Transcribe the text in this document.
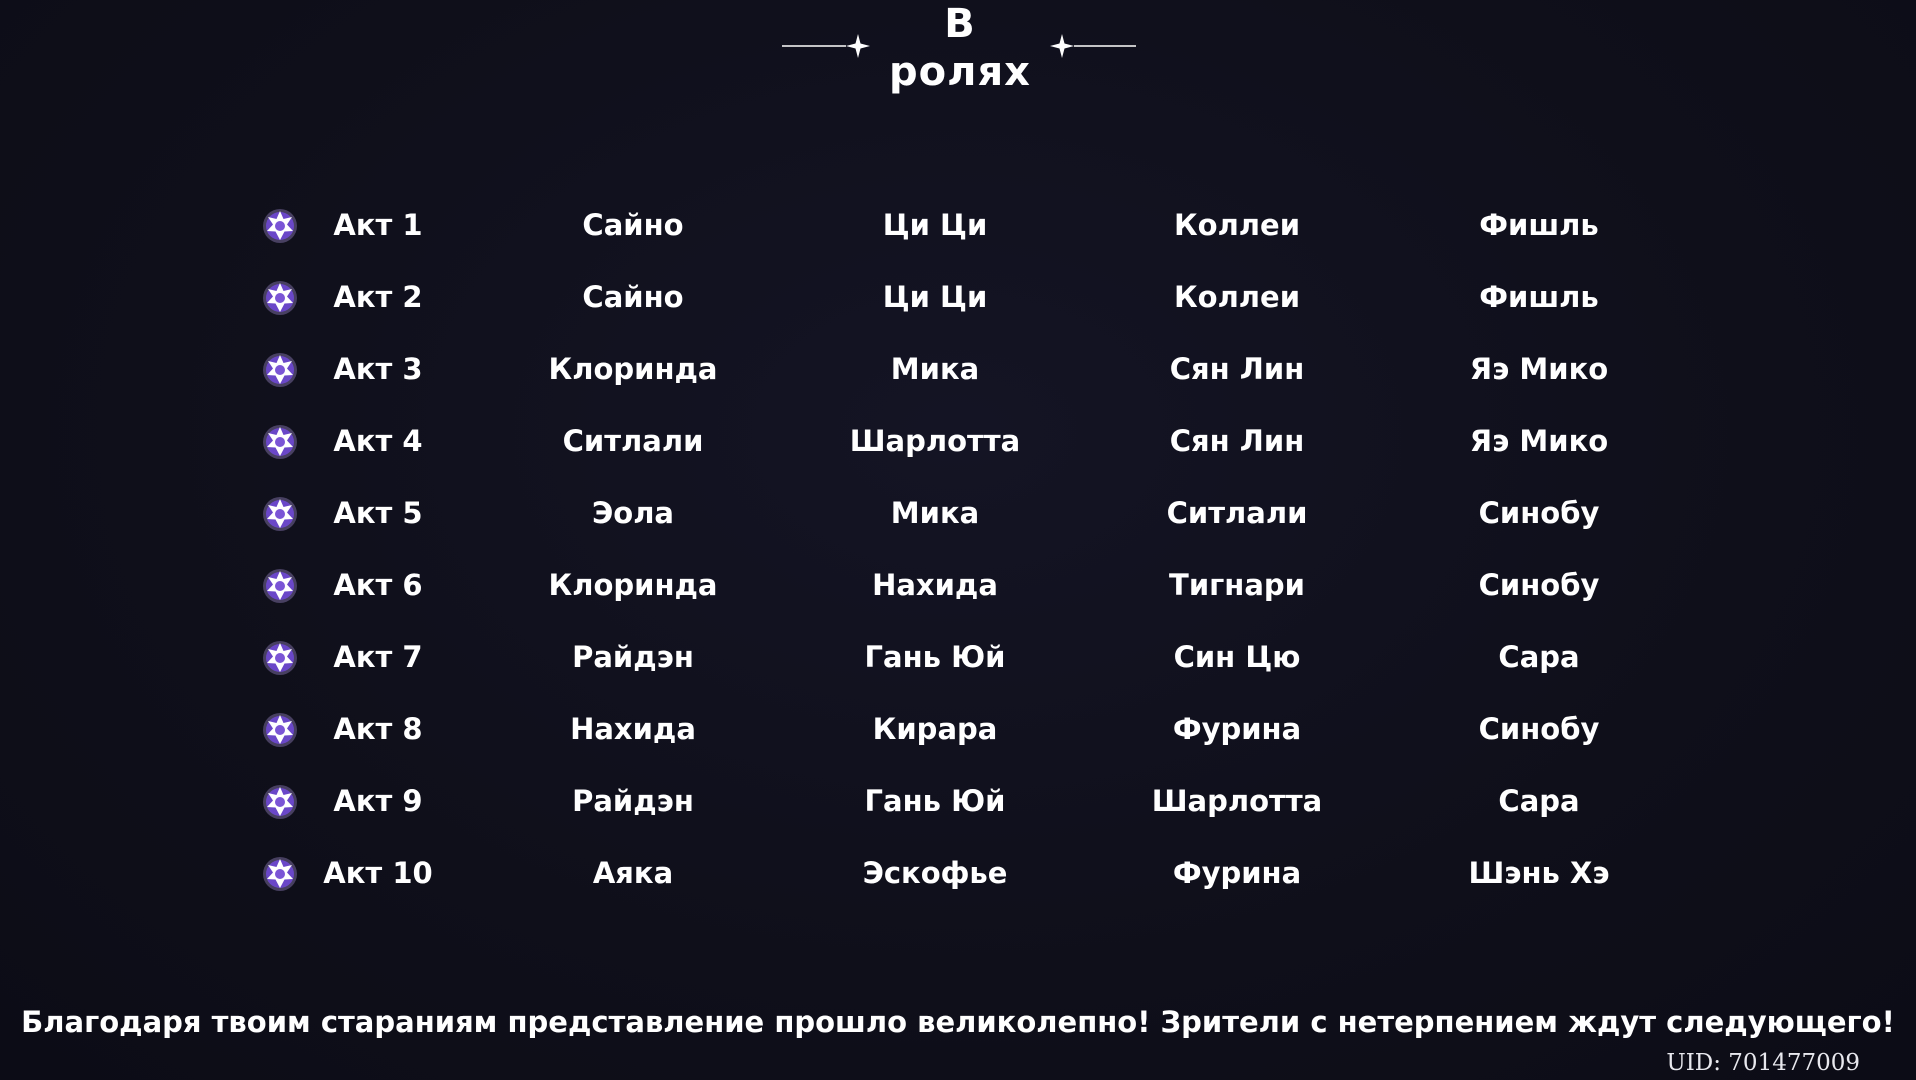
В
ролях
Акт 1	Сайно	Ци Ци	Коллеи	Фишль
Акт 2	Сайно	Ци Ци	Коллеи	Фишль
Акт 3	Клоринда	Мика	Сян Лин	Яэ Мико
Акт 4	Ситлали	Шарлотта	Сян Лин	Яэ Мико
Акт 5	Эола	Мика	Ситлали	Синобу
Акт 6	Клоринда	Нахида	Тигнари	Синобу
Акт 7	Райдэн	Гань Юй	Син Цю	Сара
Акт 8	Нахида	Кирара	Фурина	Синобу
Акт 9	Райдэн	Гань Юй	Шарлотта	Сара
Акт 10	Аяка	Эскофье	Фурина	Шэнь Хэ
Благодаря твоим стараниям представление прошло великолепно! Зрители с нетерпением ждут следующего!
UID: 701477009
